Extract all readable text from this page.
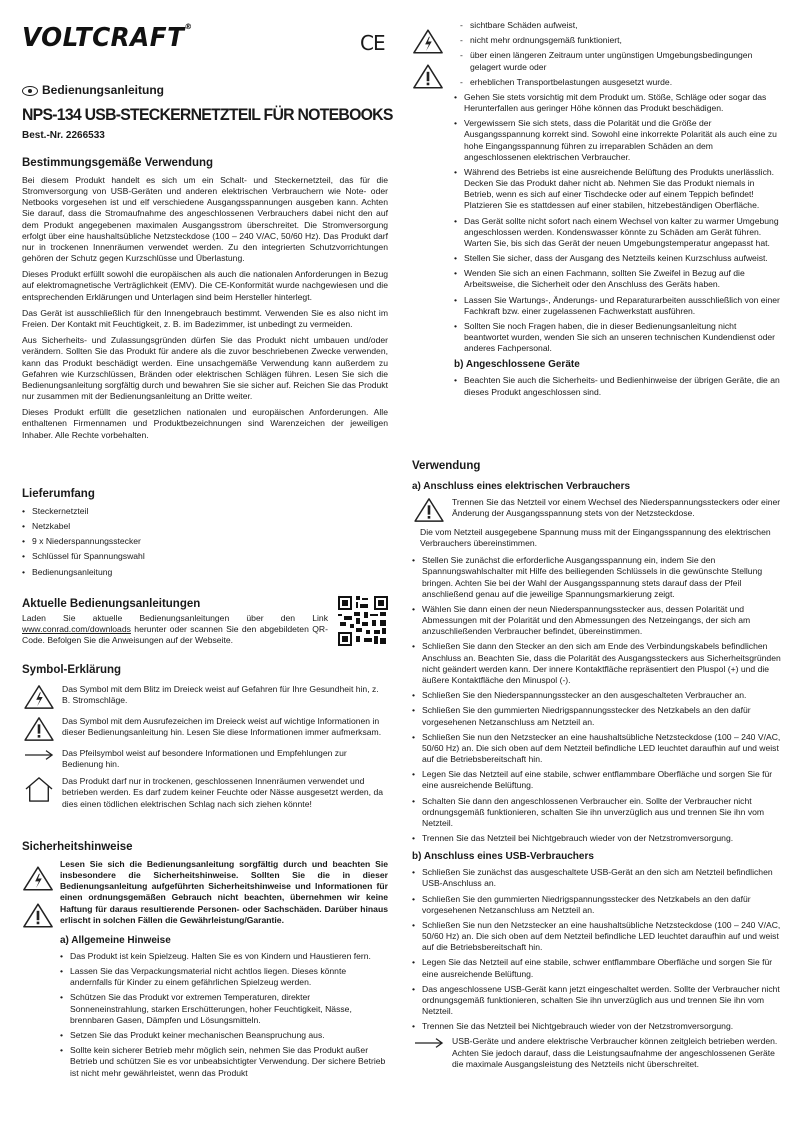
VOLTCRAFT®
CE
Bedienungsanleitung
NPS-134 USB-STECKERNETZTEIL FÜR NOTEBOOKS
Best.-Nr. 2266533
Bestimmungsgemäße Verwendung

Bei diesem Produkt handelt es sich um ein Schalt- und Steckernetzteil, das für die Stromversorgung von USB-Geräten und anderen elektrischen Verbrauchern wie Note- oder Netbooks vorgesehen ist und elf verschiedene Ausgangsspannungen ausgeben kann. Achten Sie darauf, dass die Stromaufnahme des angeschlossenen Verbrauchers dabei nicht den auf dem Produkt angegebenen maximalen Ausgangsstrom überschreitet. Die Stromversorgung erfolgt über eine haushaltsübliche Netzsteckdose (100 – 240 V/AC, 50/60 Hz). Das Produkt darf nur in trockenen Innenräumen verwendet werden. Zu den integrierten Schutzvorrichtungen gehören der Schutz gegen Kurzschlüsse und Überlastung.

Dieses Produkt erfüllt sowohl die europäischen als auch die nationalen Anforderungen in Bezug auf elektromagnetische Verträglichkeit (EMV). Die CE-Konformität wurde nachgewiesen und die entsprechenden Erklärungen und Unterlagen sind beim Hersteller hinterlegt.

Das Gerät ist ausschließlich für den Innengebrauch bestimmt. Verwenden Sie es also nicht im Freien. Der Kontakt mit Feuchtigkeit, z. B. im Badezimmer, ist unbedingt zu vermeiden.

Aus Sicherheits- und Zulassungsgründen dürfen Sie das Produkt nicht umbauen und/oder verändern. Sollten Sie das Produkt für andere als die zuvor beschriebenen Zwecke verwenden, kann das Produkt beschädigt werden. Eine unsachgemäße Verwendung kann außerdem zu Gefahren wie Kurzschlüssen, Bränden oder elektrischen Schlägen führen. Lesen Sie sich die Bedienungsanleitung sorgfältig durch und bewahren Sie sie sicher auf. Reichen Sie das Produkt nur zusammen mit der Bedienungsanleitung an Dritte weiter.

Dieses Produkt erfüllt die gesetzlichen nationalen und europäischen Anforderungen. Alle enthaltenen Firmennamen und Produktbezeichnungen sind Warenzeichen der jeweiligen Inhaber. Alle Rechte vorbehalten.

Lieferumfang
• Steckernetzteil
• Netzkabel
• 9 x Niederspannungsstecker
• Schlüssel für Spannungswahl
• Bedienungsanleitung
Aktuelle Bedienungsanleitungen

Laden Sie aktuelle Bedienungsanleitungen über den Link www.conrad.com/downloads herunter oder scannen Sie den abgebildeten QR-Code. Befolgen Sie die Anweisungen auf der Webseite.

Symbol-Erklärung
Das Symbol mit dem Blitz im Dreieck weist auf Gefahren für Ihre Gesundheit hin, z. B. Stromschläge.
Das Symbol mit dem Ausrufezeichen im Dreieck weist auf wichtige Informationen in dieser Bedienungsanleitung hin. Lesen Sie diese Informationen immer aufmerksam.
Das Pfeilsymbol weist auf besondere Informationen und Empfehlungen zur Bedienung hin.
Das Produkt darf nur in trockenen, geschlossenen Innenräumen verwendet und betrieben werden. Es darf zudem keiner Feuchte oder Nässe ausgesetzt werden, da dies einen tödlichen elektrischen Schlag nach sich ziehen könnte!
Sicherheitshinweise

Lesen Sie sich die Bedienungsanleitung sorgfältig durch und beachten Sie insbesondere die Sicherheitshinweise. Sollten Sie die in dieser Bedienungsanleitung aufgeführten Sicherheitshinweise und Informationen für einen ordnungsgemäßen Gebrauch nicht beachten, übernehmen wir keine Haftung für daraus resultierende Personen- oder Sachschäden. Darüber hinaus erlischt in solchen Fällen die Gewährleistung/Garantie.

a) Allgemeine Hinweise
• Das Produkt ist kein Spielzeug. Halten Sie es von Kindern und Haustieren fern.
• Lassen Sie das Verpackungsmaterial nicht achtlos liegen. Dieses könnte andernfalls für Kinder zu einem gefährlichen Spielzeug werden.
• Schützen Sie das Produkt vor extremen Temperaturen, direkter Sonneneinstrahlung, starken Erschütterungen, hoher Feuchtigkeit, Nässe, brennbaren Gasen, Dämpfen und Lösungsmitteln.
• Setzen Sie das Produkt keiner mechanischen Beanspruchung aus.
• Sollte kein sicherer Betrieb mehr möglich sein, nehmen Sie das Produkt außer Betrieb und schützen Sie es vor unbeabsichtigter Verwendung. Der sichere Betrieb ist nicht mehr gewährleistet, wenn das Produkt
- sichtbare Schäden aufweist,
- nicht mehr ordnungsgemäß funktioniert,
- über einen längeren Zeitraum unter ungünstigen Umgebungsbedingungen gelagert wurde oder
- erheblichen Transportbelastungen ausgesetzt wurde.
• Gehen Sie stets vorsichtig mit dem Produkt um. Stöße, Schläge oder sogar das Herunterfallen aus geringer Höhe können das Produkt beschädigen.
• Vergewissern Sie sich stets, dass die Polarität und die Größe der Ausgangsspannung korrekt sind. Sowohl eine inkorrekte Polarität als auch eine zu hohe Eingangsspannung führen zu irreparablen Schäden an dem angeschlossenen elektrischen Verbraucher.
• Während des Betriebs ist eine ausreichende Belüftung des Produkts unerlässlich. Decken Sie das Produkt daher nicht ab. Nehmen Sie das Produkt niemals in Betrieb, wenn es sich auf einer Tischdecke oder auf einem Teppich befindet! Platzieren Sie es stattdessen auf einer stabilen, hitzebeständigen Oberfläche.
• Das Gerät sollte nicht sofort nach einem Wechsel von kalter zu warmer Umgebung angeschlossen werden. Kondenswasser könnte zu Schäden am Gerät führen. Warten Sie, bis sich das Gerät der neuen Umgebungstemperatur angepasst hat.
• Stellen Sie sicher, dass der Ausgang des Netzteils keinen Kurzschluss aufweist.
• Wenden Sie sich an einen Fachmann, sollten Sie Zweifel in Bezug auf die Arbeitsweise, die Sicherheit oder den Anschluss des Geräts haben.
• Lassen Sie Wartungs-, Änderungs- und Reparaturarbeiten ausschließlich von einer Fachkraft bzw. einer zugelassenen Fachwerkstatt ausführen.
• Sollten Sie noch Fragen haben, die in dieser Bedienungsanleitung nicht beantwortet wurden, wenden Sie sich an unseren technischen Kundendienst oder anderes Fachpersonal.
b) Angeschlossene Geräte
• Beachten Sie auch die Sicherheits- und Bedienhinweise der übrigen Geräte, die an dieses Produkt angeschlossen sind.
Verwendung
a) Anschluss eines elektrischen Verbrauchers
Trennen Sie das Netzteil vor einem Wechsel des Niederspannungssteckers oder einer Änderung der Ausgangsspannung stets von der Netzsteckdose.

Die vom Netzteil ausgegebene Spannung muss mit der Eingangsspannung des elektrischen Verbrauchers übereinstimmen.

• Stellen Sie zunächst die erforderliche Ausgangsspannung ein, indem Sie den Spannungswahlschalter mit Hilfe des beiliegenden Schlüssels in die gewünschte Stellung bringen. Achten Sie bei der Wahl der Ausgangsspannung stets darauf dass der Pfeil anschließend genau auf die jeweilige Spannungsmarkierung zeigt.
• Wählen Sie dann einen der neun Niederspannungsstecker aus, dessen Polarität und Abmessungen mit der Polarität und den Abmessungen des Netzeingangs, der sich am anzuschließenden Verbraucher befindet, übereinstimmen.
• Schließen Sie dann den Stecker an den sich am Ende des Verbindungskabels befindlichen Anschluss an. Beachten Sie, dass die Polarität des Ausgangssteckers aus Sicherheitsgründen nicht geändert werden kann. Der innere Kontaktfläche repräsentiert den Pluspol (+) und die äußere Kontaktfläche den Minuspol (-).
• Schließen Sie den Niederspannungsstecker an den ausgeschalteten Verbraucher an.
• Schließen Sie den gummierten Niedrigspannungsstecker des Netzkabels an den dafür vorgesehenen Netzanschluss am Netzteil an.
• Schließen Sie nun den Netzstecker an eine haushaltsübliche Netzsteckdose (100 – 240 V/AC, 50/60 Hz) an. Die sich oben auf dem Netzteil befindliche LED leuchtet daraufhin auf und weist auf die Betriebsbereitschaft hin.
• Legen Sie das Netzteil auf eine stabile, schwer entflammbare Oberfläche und sorgen Sie für eine ausreichende Belüftung.
• Schalten Sie dann den angeschlossenen Verbraucher ein. Sollte der Verbraucher nicht ordnungsgemäß funktionieren, schalten Sie ihn unverzüglich aus und trennen Sie ihn vom Netzteil.
• Trennen Sie das Netzteil bei Nichtgebrauch wieder von der Netzstromversorgung.
b) Anschluss eines USB-Verbrauchers
• Schließen Sie zunächst das ausgeschaltete USB-Gerät an den sich am Netzteil befindlichen USB-Anschluss an.
• Schließen Sie den gummierten Niedrigspannungsstecker des Netzkabels an den dafür vorgesehenen Netzanschluss am Netzteil an.
• Schließen Sie nun den Netzstecker an eine haushaltsübliche Netzsteckdose (100 – 240 V/AC, 50/60 Hz) an. Die sich oben auf dem Netzteil befindliche LED leuchtet daraufhin auf und weist auf die Betriebsbereitschaft hin.
• Legen Sie das Netzteil auf eine stabile, schwer entflammbare Oberfläche und sorgen Sie für eine ausreichende Belüftung.
• Das angeschlossene USB-Gerät kann jetzt eingeschaltet werden. Sollte der Verbraucher nicht ordnungsgemäß funktionieren, schalten Sie ihn unverzüglich aus und trennen Sie ihn vom Netzteil.
• Trennen Sie das Netzteil bei Nichtgebrauch wieder von der Netzstromversorgung.
USB-Geräte und andere elektrische Verbraucher können zeitgleich betrieben werden. Achten Sie jedoch darauf, dass die Leistungsaufnahme der angeschlossenen Geräte die maximale Ausgangsleistung des Netzteils nicht überschreitet.
